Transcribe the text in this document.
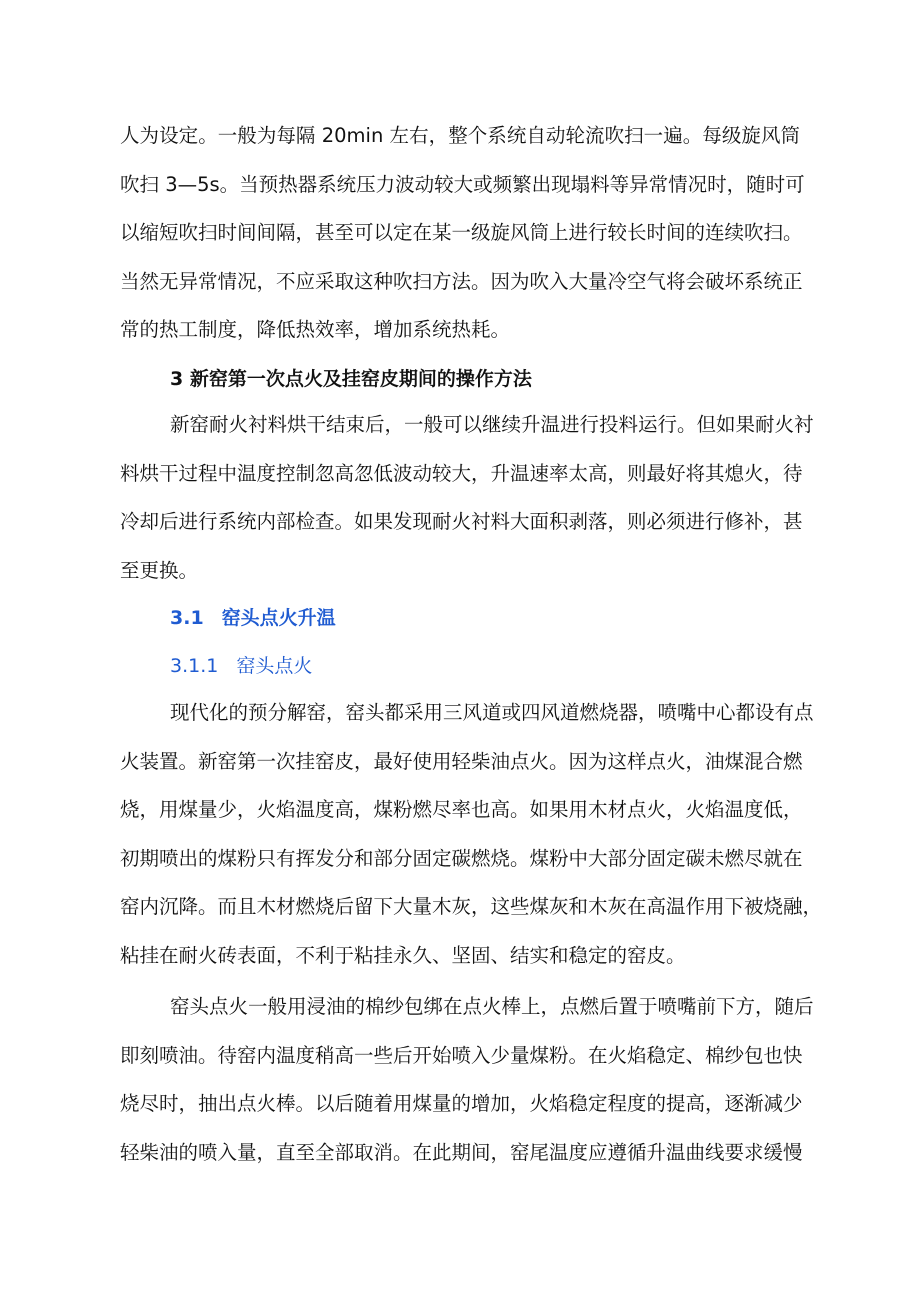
人为设定。一般为每隔 20min 左右，整个系统自动轮流吹扫一遍。每级旋风筒
吹扫 3—5s。当预热器系统压力波动较大或频繁出现塌料等异常情况时，随时可
以缩短吹扫时间间隔，甚至可以定在某一级旋风筒上进行较长时间的连续吹扫。
当然无异常情况，不应采取这种吹扫方法。因为吹入大量冷空气将会破坏系统正
常的热工制度，降低热效率，增加系统热耗。
3 新窑第一次点火及挂窑皮期间的操作方法
新窑耐火衬料烘干结束后，一般可以继续升温进行投料运行。但如果耐火衬
料烘干过程中温度控制忽高忽低波动较大，升温速率太高，则最好将其熄火，待
冷却后进行系统内部检查。如果发现耐火衬料大面积剥落，则必须进行修补，甚
至更换。
3.1 窑头点火升温
3.1.1 窑头点火
现代化的预分解窑，窑头都采用三风道或四风道燃烧器，喷嘴中心都设有点
火装置。新窑第一次挂窑皮，最好使用轻柴油点火。因为这样点火，油煤混合燃
烧，用煤量少，火焰温度高，煤粉燃尽率也高。如果用木材点火，火焰温度低，
初期喷出的煤粉只有挥发分和部分固定碳燃烧。煤粉中大部分固定碳未燃尽就在
窑内沉降。而且木材燃烧后留下大量木灰，这些煤灰和木灰在高温作用下被烧融，
粘挂在耐火砖表面，不利于粘挂永久、坚固、结实和稳定的窑皮。
窑头点火一般用浸油的棉纱包绑在点火棒上，点燃后置于喷嘴前下方，随后
即刻喷油。待窑内温度稍高一些后开始喷入少量煤粉。在火焰稳定、棉纱包也快
烧尽时，抽出点火棒。以后随着用煤量的增加，火焰稳定程度的提高，逐渐减少
轻柴油的喷入量，直至全部取消。在此期间，窑尾温度应遵循升温曲线要求缓慢
